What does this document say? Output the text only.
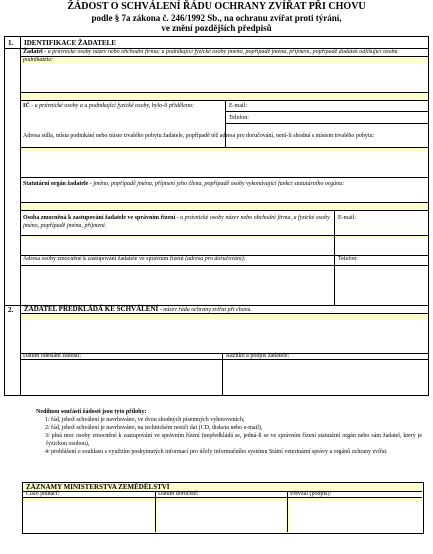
ŽÁDOST O SCHVÁLENÍ ŘÁDU OCHRANY ZVÍŘAT PŘI CHOVU
podle § 7a zákona č. 246/1992 Sb., na ochranu zvířat proti týrání,
ve znění pozdějších předpisů
1. IDENTIFIKACE ŽADATELE
Žadatel - u právnické osoby název nebo obchodní firma; u podnikající fyzické osoby jméno, popřípadě jména, příjmení, popřípadě dodatek odlišující osobu podnikatele:
IČ - u právnické osoby a u podnikající fyzické osoby, bylo-li přiděleno:	E-mail:
Telefon:
Adresa sídla, místa podnikání nebo místo trvalého pobytu žadatele, popřípadě též adresa pro doručování, není-li shodná s místem trvalého pobytu:
Statutární orgán žadatele - jméno, popřípadě jména, příjmení jeho člena, popřípadě osoby vykonávající funkci statutárního orgánu:
Osoba zmocněná k zastupování žadatele ve správním řízení - u právnické osoby název nebo obchodní firma, u fyzické osoby jméno, popřípadě jména, příjmení.
E-mail:
Adresa osoby zmocněné k zastupování žadatele ve správním řízení (adresa pro doručování):	Telefon:
2. ŽADATEL PŘEDKLÁDÁ KE SCHVÁLENÍ - název řádu ochrany zvířat při chovu.
Datum odeslání žádosti:	Razítko a podpis žadatele:
Nedílnou součástí žádosti jsou tyto přílohy:
1/ řád, jehož schválení je navrhováno, ve dvou shodných písemných vyhotoveních,
2/ řád, jehož schválení je navrhováno, na technickém nosiči dat (CD, disketa nebo e-mail),
3/ plná moc osoby zmocněné k zastupování ve správním řízení (nepředkládá se, jedná-li se ve správním řízení statutární orgán nebo sám žadatel, který je fyzickou osobou),
4/ prohlášení o souhlasu s využitím poskytnutých informací pro účely informačního systému Státní veterinární správy a orgánů ochrany zvířat.
ZÁZNAMY MINISTERSTVA ZEMĚDĚLSTVÍ
Číslo jednací:	Datum doručení:	Převzal (podpis):
